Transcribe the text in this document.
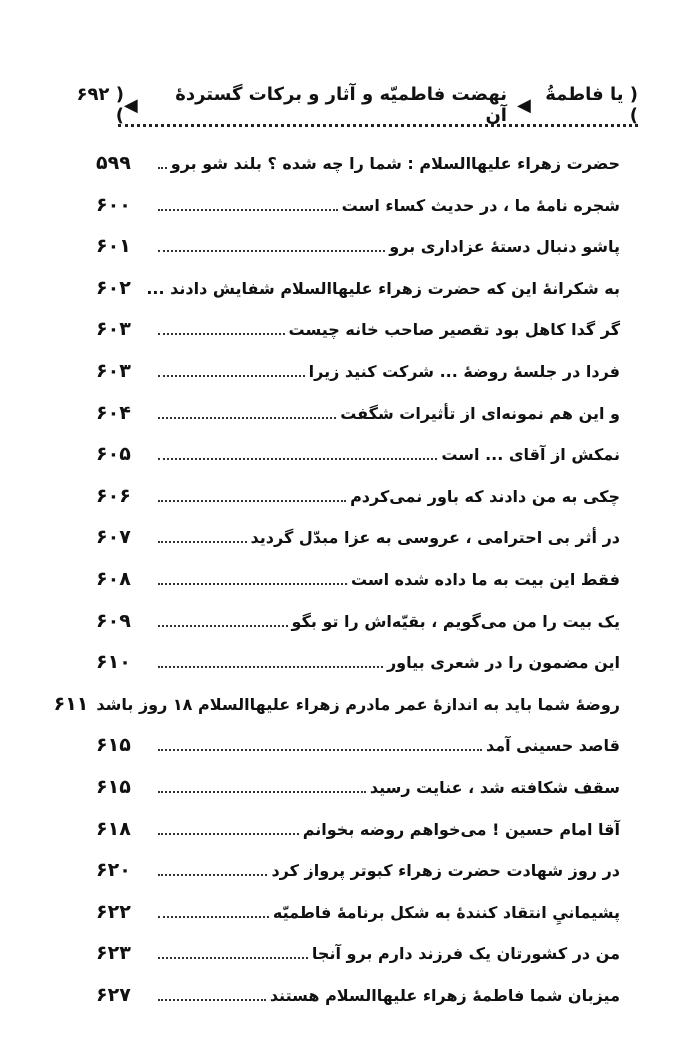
( یا فاطمةُ )
◀
نهضت فاطمیّه و آثار و برکات گستردهٔ آن
◀
( ۶۹۲ )
حضرت زهراء علیهاالسلام : شما را چه شده ؟ بلند شو برو
۵۹۹
شجره نامهٔ ما ، در حدیث کساء است
۶۰۰
پاشو دنبال دستهٔ عزاداری برو
۶۰۱
به شکرانهٔ این که حضرت زهراء علیهاالسلام شفایش دادند ...
۶۰۲
گر گدا کاهل بود تقصیر صاحب خانه چیست
۶۰۳
فردا در جلسهٔ روضهٔ ... شرکت کنید زیرا
۶۰۳
و این هم نمونه‌ای از تأثیرات شگفت
۶۰۴
نمکش از آقای ... است
۶۰۵
چکی به من دادند که باور نمی‌کردم
۶۰۶
در أثر بی احترامی ، عروسی به عزا مبدّل گردید
۶۰۷
فقط این بیت به ما داده شده است
۶۰۸
یک بیت را من می‌گویم ، بقیّه‌اش را تو بگو
۶۰۹
این مضمون را در شعری بیاور
۶۱۰
روضهٔ شما باید به اندازهٔ عمر مادرم زهراء علیهاالسلام ۱۸ روز باشد
۶۱۱
قاصد حسینی آمد
۶۱۵
سقف شکافته شد ، عنایت رسید
۶۱۵
آقا امام حسین ! می‌خواهم روضه بخوانم
۶۱۸
در روز شهادت حضرت زهراء کبوتر پرواز کرد
۶۲۰
پشیمانيِ انتقاد کنندهٔ به شکل برنامهٔ فاطمیّه
۶۲۲
من در کشورتان یک فرزند دارم برو آنجا
۶۲۳
میزبان شما فاطمهٔ زهراء علیهاالسلام هستند
۶۲۷
